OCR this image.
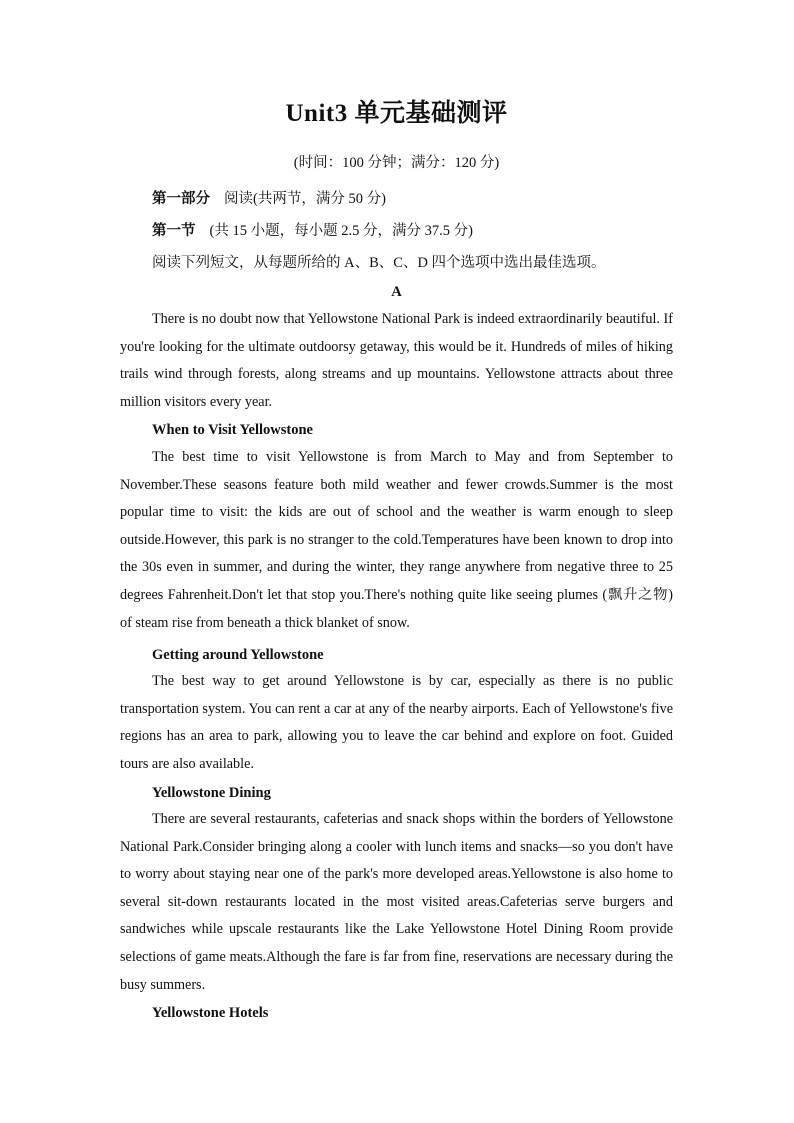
Unit3 单元基础测评
(时间：100 分钟；满分：120 分)
第一部分 阅读(共两节，满分 50 分)
第一节 (共 15 小题，每小题 2.5 分，满分 37.5 分)
阅读下列短文，从每题所给的 A、B、C、D 四个选项中选出最佳选项。
A

There is no doubt now that Yellowstone National Park is indeed extraordinarily beautiful. If you're looking for the ultimate outdoorsy getaway, this would be it. Hundreds of miles of hiking trails wind through forests, along streams and up mountains. Yellowstone attracts about three million visitors every year.

When to Visit Yellowstone

The best time to visit Yellowstone is from March to May and from September to November.These seasons feature both mild weather and fewer crowds.Summer is the most popular time to visit: the kids are out of school and the weather is warm enough to sleep outside.However, this park is no stranger to the cold.Temperatures have been known to drop into the 30s even in summer, and during the winter, they range anywhere from negative three to 25 degrees Fahrenheit.Don't let that stop you.There's nothing quite like seeing plumes (飘升之物) of steam rise from beneath a thick blanket of snow.

Getting around Yellowstone

The best way to get around Yellowstone is by car, especially as there is no public transportation system. You can rent a car at any of the nearby airports. Each of Yellowstone's five regions has an area to park, allowing you to leave the car behind and explore on foot. Guided tours are also available.

Yellowstone Dining

There are several restaurants, cafeterias and snack shops within the borders of Yellowstone National Park.Consider bringing along a cooler with lunch items and snacks—so you don't have to worry about staying near one of the park's more developed areas.Yellowstone is also home to several sit-down restaurants located in the most visited areas.Cafeterias serve burgers and sandwiches while upscale restaurants like the Lake Yellowstone Hotel Dining Room provide selections of game meats.Although the fare is far from fine, reservations are necessary during the busy summers.

Yellowstone Hotels
